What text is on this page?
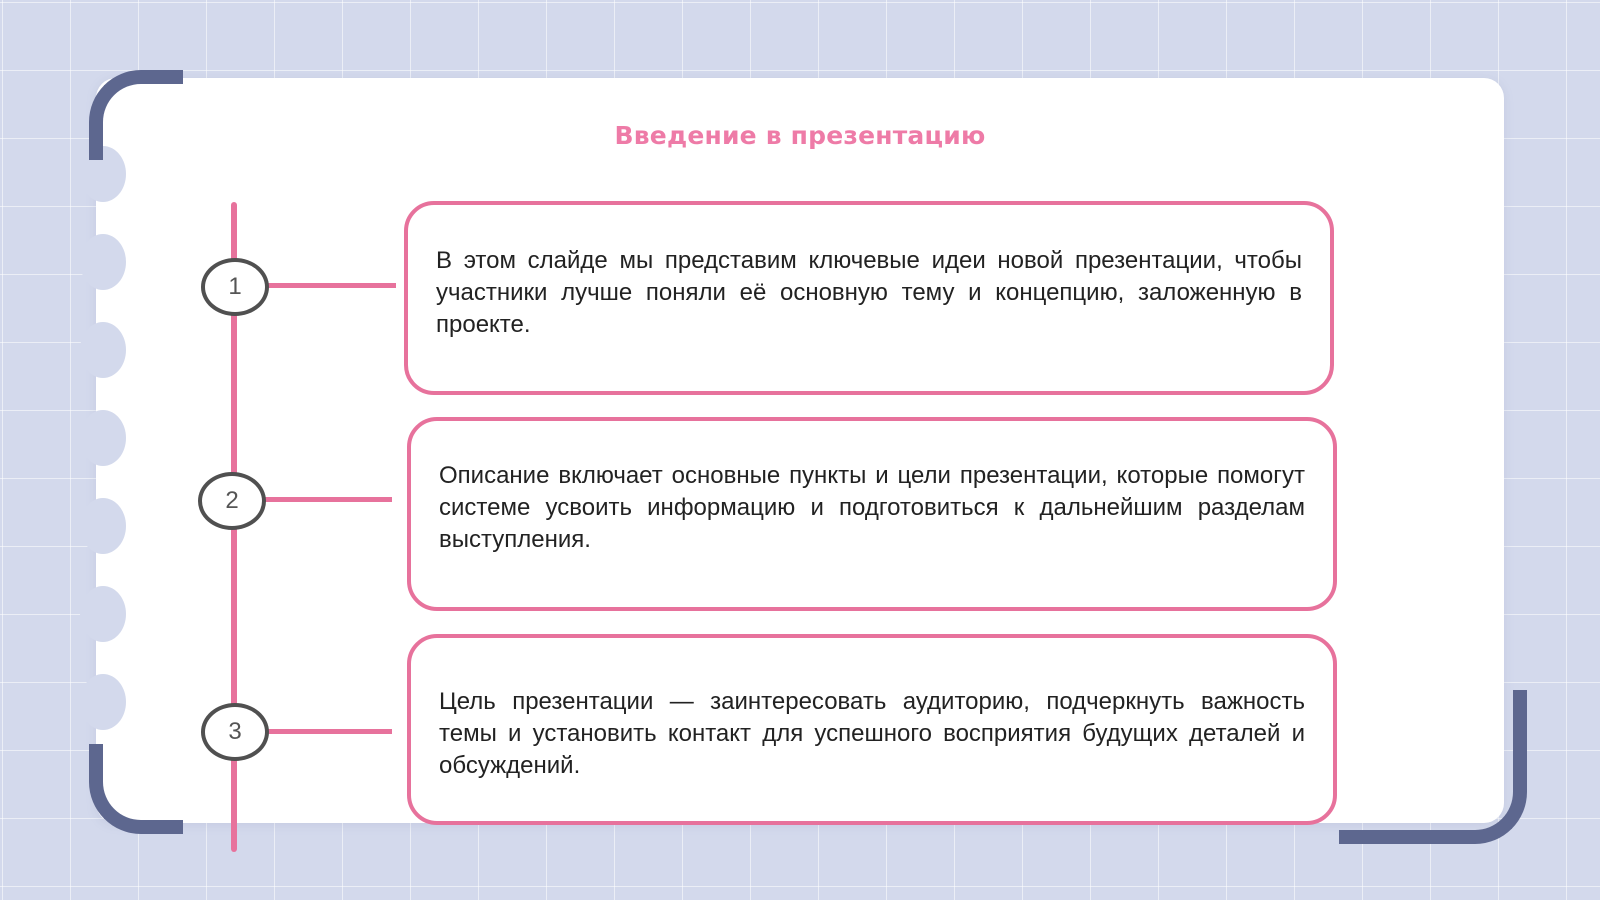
Введение в презентацию
1
2
3
В этом слайде мы представим ключевые идеи новой презентации, чтобы участники лучше поняли её основную тему и концепцию, заложенную в проекте.
Описание включает основные пункты и цели презентации, которые помогут системе усвоить информацию и подготовиться к дальнейшим разделам выступления.
Цель презентации — заинтересовать аудиторию, подчеркнуть важность темы и установить контакт для успешного восприятия будущих деталей и обсуждений.
